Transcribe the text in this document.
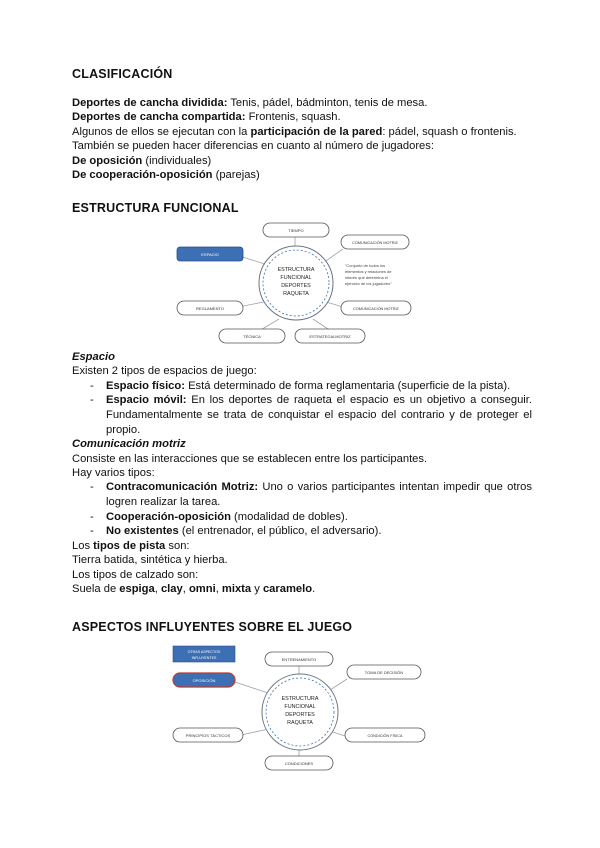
CLASIFICACIÓN
Deportes de cancha dividida: Tenis, pádel, bádminton, tenis de mesa.
Deportes de cancha compartida: Frontenis, squash.
Algunos de ellos se ejecutan con la participación de la pared: pádel, squash o frontenis.
También se pueden hacer diferencias en cuanto al número de jugadores:
De oposición (individuales)
De cooperación-oposición (parejas)
ESTRUCTURA FUNCIONAL
ESTRUCTURA
FUNCIONAL
DEPORTES
RAQUETA
TIEMPO
ESPACIO
COMUNICACIÓN MOTRIZ
REGLAMENTO
TÉCNICA	ESTRATEGIA MOTRIZ
COMUNICACIÓN MOTRIZ
"Conjunto de todos los
elementos y relaciones de
interés que determina el
ejercicio de los jugadores"
Espacio
Existen 2 tipos de espacios de juego:
- Espacio físico: Está determinado de forma reglamentaria (superficie de la pista).
- Espacio móvil: En los deportes de raqueta el espacio es un objetivo a conseguir. Fundamentalmente se trata de conquistar el espacio del contrario y de proteger el propio.
Comunicación motriz
Consiste en las interacciones que se establecen entre los participantes.
Hay varios tipos:
- Contracomunicación Motriz: Uno o varios participantes intentan impedir que otros logren realizar la tarea.
- Cooperación-oposición (modalidad de dobles).
- No existentes (el entrenador, el público, el adversario).
Los tipos de pista son:
Tierra batida, sintética y hierba.
Los tipos de calzado son:
Suela de espiga, clay, omni, mixta y caramelo.
ASPECTOS INFLUYENTES SOBRE EL JUEGO
OTRAS ASPECTOS
INFLUYENTES
ESTRUCTURA
FUNCIONAL
DEPORTES
RAQUETA
OPOSICIÓN
ENTRENAMIENTO
TOMA DE DECISIÓN
PRINCIPIOS TÁCTICOS	CONDICIÓN FÍSICA
CONDICIONES
